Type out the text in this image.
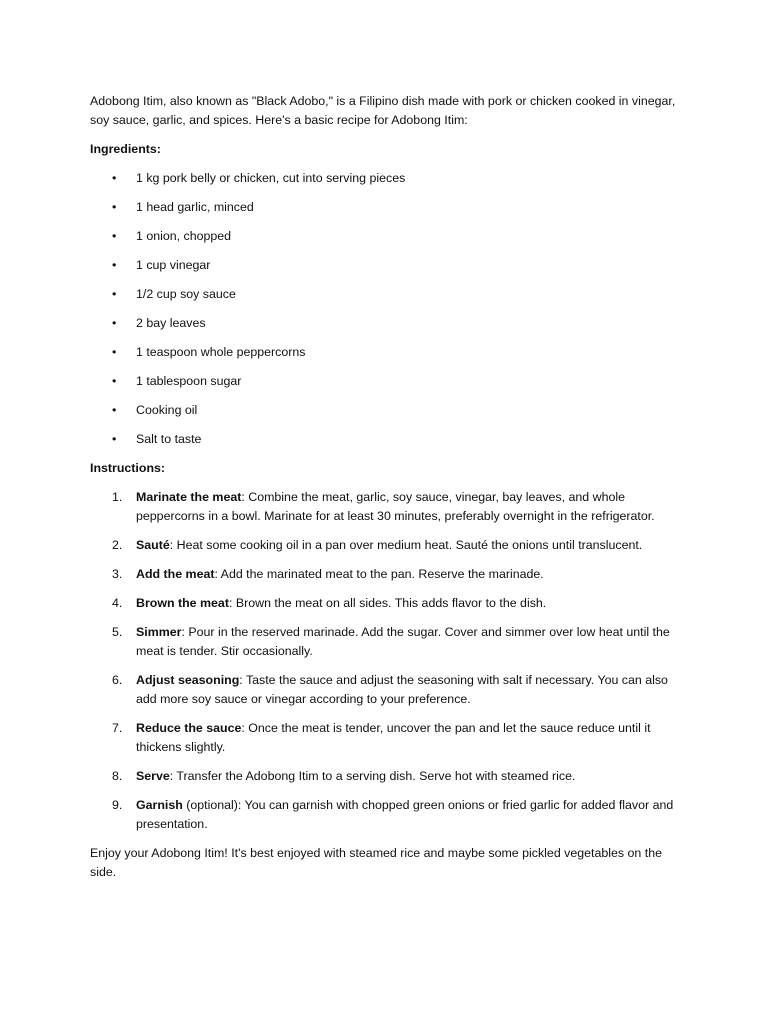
Adobong Itim, also known as "Black Adobo," is a Filipino dish made with pork or chicken cooked in vinegar, soy sauce, garlic, and spices. Here's a basic recipe for Adobong Itim:

Ingredients:

• 1 kg pork belly or chicken, cut into serving pieces
• 1 head garlic, minced
• 1 onion, chopped
• 1 cup vinegar
• 1/2 cup soy sauce
• 2 bay leaves
• 1 teaspoon whole peppercorns
• 1 tablespoon sugar
• Cooking oil
• Salt to taste

Instructions:

1. Marinate the meat: Combine the meat, garlic, soy sauce, vinegar, bay leaves, and whole peppercorns in a bowl. Marinate for at least 30 minutes, preferably overnight in the refrigerator.
2. Sauté: Heat some cooking oil in a pan over medium heat. Sauté the onions until translucent.
3. Add the meat: Add the marinated meat to the pan. Reserve the marinade.
4. Brown the meat: Brown the meat on all sides. This adds flavor to the dish.
5. Simmer: Pour in the reserved marinade. Add the sugar. Cover and simmer over low heat until the meat is tender. Stir occasionally.
6. Adjust seasoning: Taste the sauce and adjust the seasoning with salt if necessary. You can also add more soy sauce or vinegar according to your preference.
7. Reduce the sauce: Once the meat is tender, uncover the pan and let the sauce reduce until it thickens slightly.
8. Serve: Transfer the Adobong Itim to a serving dish. Serve hot with steamed rice.
9. Garnish (optional): You can garnish with chopped green onions or fried garlic for added flavor and presentation.

Enjoy your Adobong Itim! It's best enjoyed with steamed rice and maybe some pickled vegetables on the side.
